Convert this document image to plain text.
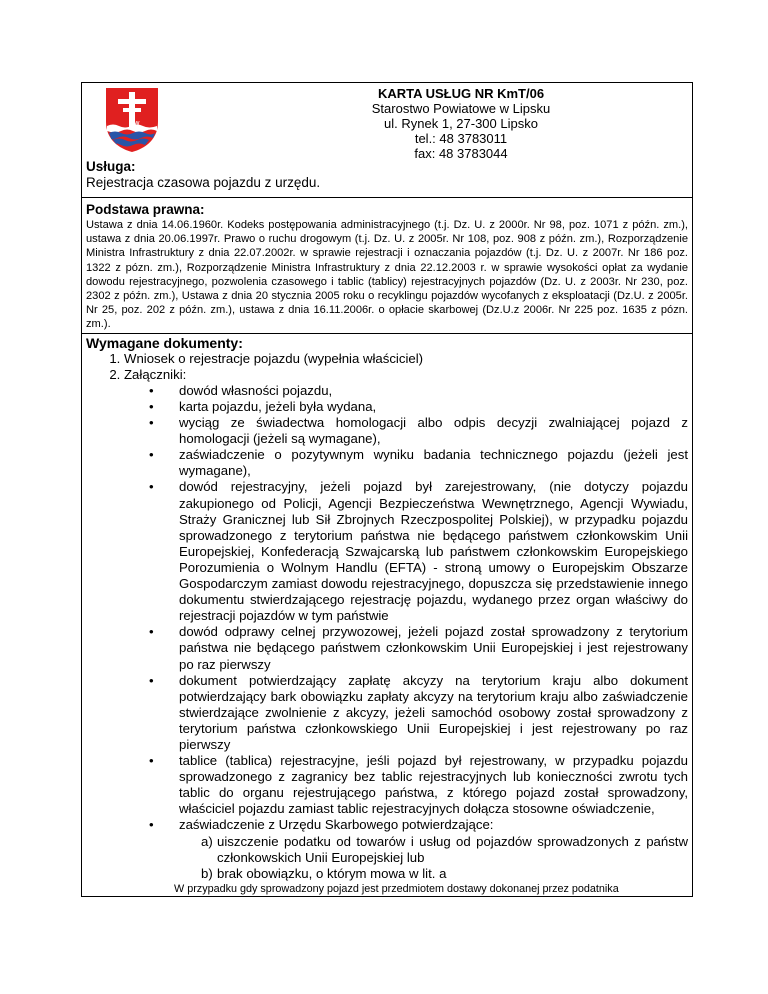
w
KARTA USŁUG NR KmT/06
Starostwo Powiatowe w Lipsku
ul. Rynek 1, 27-300 Lipsko
tel.: 48 3783011
fax: 48 3783044
Usługa:
Rejestracja czasowa pojazdu z urzędu.
Podstawa prawna:
Ustawa z dnia 14.06.1960r. Kodeks postępowania administracyjnego (t.j. Dz. U. z 2000r. Nr 98, poz. 1071 z późn. zm.), ustawa z dnia 20.06.1997r. Prawo o ruchu drogowym (t.j. Dz. U. z 2005r. Nr 108, poz. 908 z późn. zm.), Rozporządzenie Ministra Infrastruktury z dnia 22.07.2002r. w sprawie rejestracji i oznaczania pojazdów (t.j. Dz. U. z 2007r. Nr 186 poz. 1322 z pózn. zm.), Rozporządzenie Ministra Infrastruktury z dnia 22.12.2003 r. w sprawie wysokości opłat za wydanie dowodu rejestracyjnego, pozwolenia czasowego i tablic (tablicy) rejestracyjnych pojazdów (Dz. U. z 2003r. Nr 230, poz. 2302 z późn. zm.), Ustawa z dnia 20 stycznia 2005 roku o recyklingu pojazdów wycofanych z eksploatacji (Dz.U. z 2005r. Nr 25, poz. 202 z późn. zm.), ustawa z dnia 16.11.2006r. o opłacie skarbowej (Dz.U.z 2006r. Nr 225 poz. 1635 z pózn. zm.).
Wymagane dokumenty:
1. Wniosek o rejestracje pojazdu (wypełnia właściciel)
2. Załączniki:
• dowód własności pojazdu,
• karta pojazdu, jeżeli była wydana,
• wyciąg ze świadectwa homologacji albo odpis decyzji zwalniającej pojazd z homologacji (jeżeli są wymagane),
• zaświadczenie o pozytywnym wyniku badania technicznego pojazdu (jeżeli jest wymagane),
• dowód rejestracyjny, jeżeli pojazd był zarejestrowany, (nie dotyczy pojazdu zakupionego od Policji, Agencji Bezpieczeństwa Wewnętrznego, Agencji Wywiadu, Straży Granicznej lub Sił Zbrojnych Rzeczpospolitej Polskiej), w przypadku pojazdu sprowadzonego z terytorium państwa nie będącego państwem członkowskim Unii Europejskiej, Konfederacją Szwajcarską lub państwem członkowskim Europejskiego Porozumienia o Wolnym Handlu (EFTA) - stroną umowy o Europejskim Obszarze Gospodarczym zamiast dowodu rejestracyjnego, dopuszcza się przedstawienie innego dokumentu stwierdzającego rejestrację pojazdu, wydanego przez organ właściwy do rejestracji pojazdów w tym państwie
• dowód odprawy celnej przywozowej, jeżeli pojazd został sprowadzony z terytorium państwa nie będącego państwem członkowskim Unii Europejskiej i jest rejestrowany po raz pierwszy
• dokument potwierdzający zapłatę akcyzy na terytorium kraju albo dokument potwierdzający bark obowiązku zapłaty akcyzy na terytorium kraju albo zaświadczenie stwierdzające zwolnienie z akcyzy, jeżeli samochód osobowy został sprowadzony z terytorium państwa członkowskiego Unii Europejskiej i jest rejestrowany po raz pierwszy
• tablice (tablica) rejestracyjne, jeśli pojazd był rejestrowany, w przypadku pojazdu sprowadzonego z zagranicy bez tablic rejestracyjnych lub konieczności zwrotu tych tablic do organu rejestrującego państwa, z którego pojazd został sprowadzony, właściciel pojazdu zamiast tablic rejestracyjnych dołącza stosowne oświadczenie,
• zaświadczenie z Urzędu Skarbowego potwierdzające:
a) uiszczenie podatku od towarów i usług od pojazdów sprowadzonych z państw członkowskich Unii Europejskiej lub
b) brak obowiązku, o którym mowa w lit. a
W przypadku gdy sprowadzony pojazd jest przedmiotem dostawy dokonanej przez podatnika
